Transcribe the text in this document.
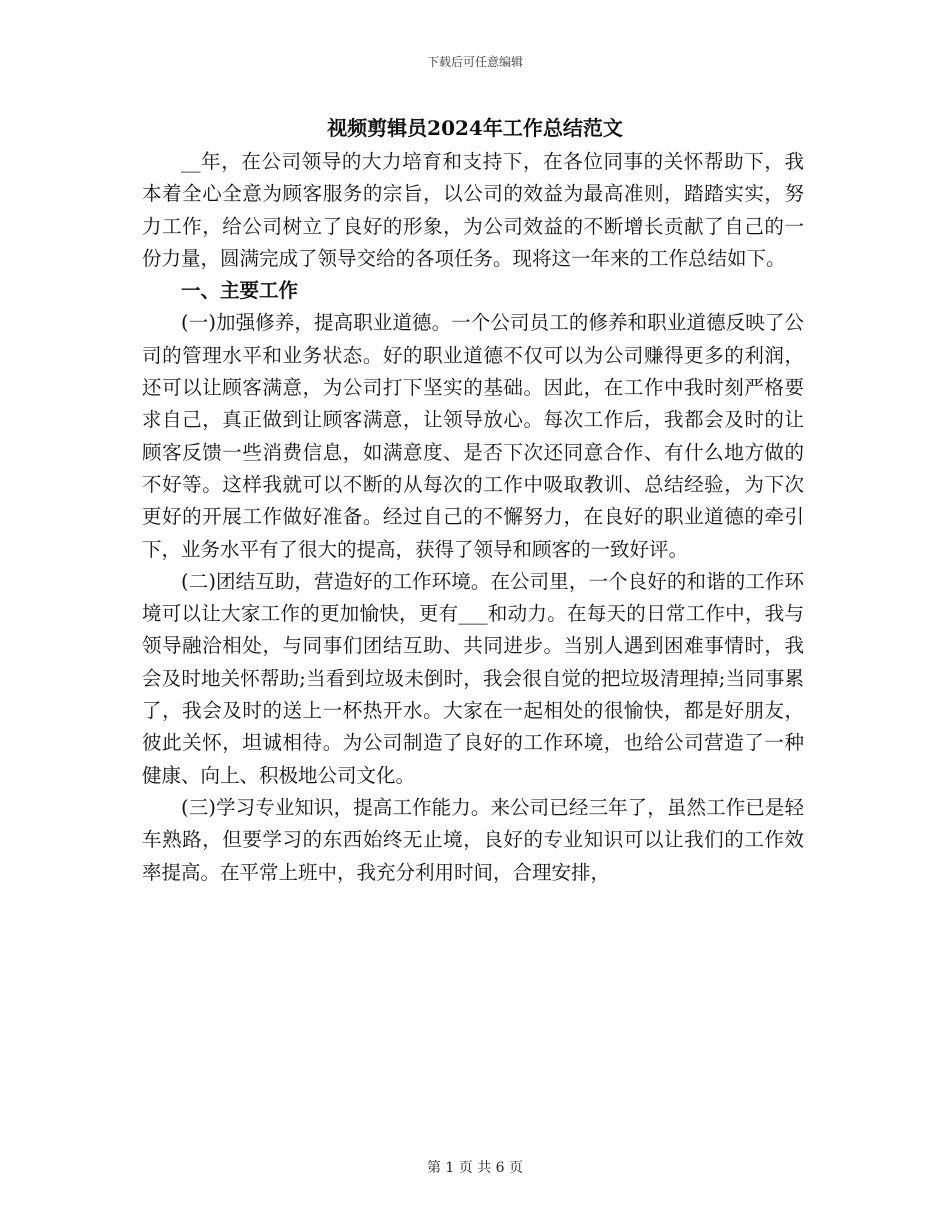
下载后可任意编辑
视频剪辑员2024年工作总结范文

__年，在公司领导的大力培育和支持下，在各位同事的关怀帮助下，我本着全心全意为顾客服务的宗旨，以公司的效益为最高准则，踏踏实实，努力工作，给公司树立了良好的形象，为公司效益的不断增长贡献了自己的一份力量，圆满完成了领导交给的各项任务。现将这一年来的工作总结如下。

一、主要工作

(一)加强修养，提高职业道德。一个公司员工的修养和职业道德反映了公司的管理水平和业务状态。好的职业道德不仅可以为公司赚得更多的利润，还可以让顾客满意，为公司打下坚实的基础。因此，在工作中我时刻严格要求自己，真正做到让顾客满意，让领导放心。每次工作后，我都会及时的让顾客反馈一些消费信息，如满意度、是否下次还同意合作、有什么地方做的不好等。这样我就可以不断的从每次的工作中吸取教训、总结经验，为下次更好的开展工作做好准备。经过自己的不懈努力，在良好的职业道德的牵引下，业务水平有了很大的提高，获得了领导和顾客的一致好评。

(二)团结互助，营造好的工作环境。在公司里，一个良好的和谐的工作环境可以让大家工作的更加愉快，更有___和动力。在每天的日常工作中，我与领导融洽相处，与同事们团结互助、共同进步。当别人遇到困难事情时，我会及时地关怀帮助;当看到垃圾未倒时，我会很自觉的把垃圾清理掉;当同事累了，我会及时的送上一杯热开水。大家在一起相处的很愉快，都是好朋友，彼此关怀，坦诚相待。为公司制造了良好的工作环境，也给公司营造了一种健康、向上、积极地公司文化。

(三)学习专业知识，提高工作能力。来公司已经三年了，虽然工作已是轻车熟路，但要学习的东西始终无止境，良好的专业知识可以让我们的工作效率提高。在平常上班中，我充分利用时间，合理安排，

第 1 页 共 6 页
